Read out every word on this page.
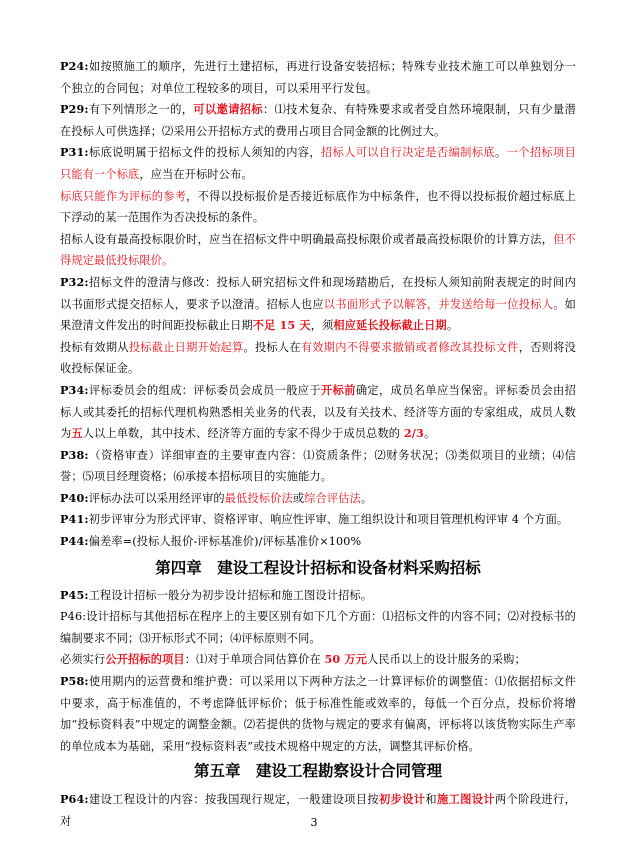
P24:如按照施工的顺序，先进行土建招标，再进行设备安装招标；特殊专业技术施工可以单独划分一个独立的合同包；对单位工程较多的项目，可以采用平行发包。

P29:有下列情形之一的，可以邀请招标：⑴技术复杂、有特殊要求或者受自然环境限制，只有少量潜在投标人可供选择；⑵采用公开招标方式的费用占项目合同金额的比例过大。

P31:标底说明属于招标文件的投标人须知的内容，招标人可以自行决定是否编制标底。一个招标项目只能有一个标底，应当在开标时公布。

标底只能作为评标的参考，不得以投标报价是否接近标底作为中标条件，也不得以投标报价超过标底上下浮动的某一范围作为否决投标的条件。

招标人设有最高投标限价时，应当在招标文件中明确最高投标限价或者最高投标限价的计算方法，但不得规定最低投标限价。

P32:招标文件的澄清与修改：投标人研究招标文件和现场踏勘后，在投标人须知前附表规定的时间内以书面形式提交招标人，要求予以澄清。招标人也应以书面形式予以解答，并发送给每一位投标人。如果澄清文件发出的时间距投标截止日期不足 15 天，须相应延长投标截止日期。

投标有效期从投标截止日期开始起算。投标人在有效期内不得要求撤销或者修改其投标文件，否则将没收投标保证金。

P34:评标委员会的组成：评标委员会成员一般应于开标前确定，成员名单应当保密。评标委员会由招标人或其委托的招标代理机构熟悉相关业务的代表，以及有关技术、经济等方面的专家组成，成员人数为五人以上单数，其中技术、经济等方面的专家不得少于成员总数的 2/3。

P38:（资格审查）详细审查的主要审查内容：⑴资质条件；⑵财务状况；⑶类似项目的业绩；⑷信誉；⑸项目经理资格；⑹承接本招标项目的实施能力。

P40:评标办法可以采用经评审的最低投标价法或综合评估法。

P41:初步评审分为形式评审、资格评审、响应性评审、施工组织设计和项目管理机构评审 4 个方面。

P44:偏差率=(投标人报价-评标基准价)/评标基准价×100%

第四章　建设工程设计招标和设备材料采购招标

P45:工程设计招标一般分为初步设计招标和施工图设计招标。

P46:设计招标与其他招标在程序上的主要区别有如下几个方面：⑴招标文件的内容不同；⑵对投标书的编制要求不同；⑶开标形式不同；⑷评标原则不同。

必须实行公开招标的项目：⑴对于单项合同估算价在 50 万元人民币以上的设计服务的采购；

P58:使用期内的运营费和维护费：可以采用以下两种方法之一计算评标价的调整值：⑴依据招标文件中要求，高于标准值的，不考虑降低评标价；低于标准性能或效率的，每低一个百分点，投标价将增加“投标资料表”中规定的调整金额。⑵若提供的货物与规定的要求有偏离，评标将以该货物实际生产率的单位成本为基础，采用“投标资料表”或技术规格中规定的方法，调整其评标价格。

第五章　建设工程勘察设计合同管理

P64:建设工程设计的内容：按我国现行规定，一般建设项目按初步设计和施工图设计两个阶段进行，对	3
